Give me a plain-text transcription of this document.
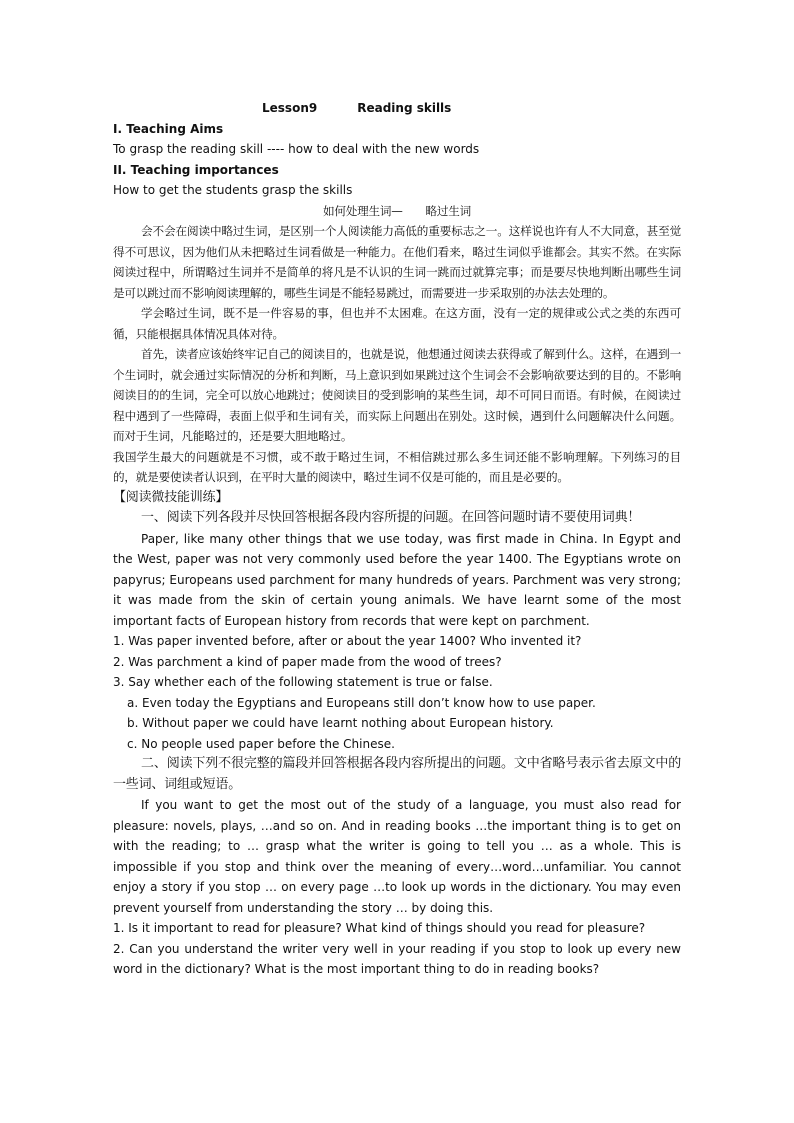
Lesson9	Reading skills

I. Teaching Aims

To grasp the reading skill ---- how to deal with the new words

II. Teaching importances

How to get the students grasp the skills

如何处理生词—　　略过生词

会不会在阅读中略过生词，是区别一个人阅读能力高低的重要标志之一。这样说也许有人不大同意，甚至觉得不可思议，因为他们从未把略过生词看做是一种能力。在他们看来，略过生词似乎谁都会。其实不然。在实际阅读过程中，所谓略过生词并不是简单的将凡是不认识的生词一跳而过就算完事；而是要尽快地判断出哪些生词是可以跳过而不影响阅读理解的，哪些生词是不能轻易跳过，而需要进一步采取别的办法去处理的。

学会略过生词，既不是一件容易的事，但也并不太困难。在这方面，没有一定的规律或公式之类的东西可循，只能根据具体情况具体对待。

首先，读者应该始终牢记自己的阅读目的，也就是说，他想通过阅读去获得或了解到什么。这样，在遇到一个生词时，就会通过实际情况的分析和判断，马上意识到如果跳过这个生词会不会影响欲要达到的目的。不影响阅读目的的生词，完全可以放心地跳过；使阅读目的受到影响的某些生词，却不可同日而语。有时候，在阅读过程中遇到了一些障碍，表面上似乎和生词有关，而实际上问题出在别处。这时候，遇到什么问题解决什么问题。而对于生词，凡能略过的，还是要大胆地略过。

我国学生最大的问题就是不习惯，或不敢于略过生词，不相信跳过那么多生词还能不影响理解。下列练习的目的，就是要使读者认识到，在平时大量的阅读中，略过生词不仅是可能的，而且是必要的。

【阅读微技能训练】

一、阅读下列各段并尽快回答根据各段内容所提的问题。在回答问题时请不要使用词典！

Paper, like many other things that we use today, was first made in China. In Egypt and the West, paper was not very commonly used before the year 1400. The Egyptians wrote on papyrus; Europeans used parchment for many hundreds of years. Parchment was very strong; it was made from the skin of certain young animals. We have learnt some of the most important facts of European history from records that were kept on parchment.

1. Was paper invented before, after or about the year 1400? Who invented it?

2. Was parchment a kind of paper made from the wood of trees?

3. Say whether each of the following statement is true or false.

a. Even today the Egyptians and Europeans still don’t know how to use paper.

b. Without paper we could have learnt nothing about European history.

c. No people used paper before the Chinese.

二、阅读下列不很完整的篇段并回答根据各段内容所提出的问题。文中省略号表示省去原文中的一些词、词组或短语。

If you want to get the most out of the study of a language, you must also read for pleasure: novels, plays, …and so on. And in reading books …the important thing is to get on with the reading; to … grasp what the writer is going to tell you … as a whole. This is impossible if you stop and think over the meaning of every…word…unfamiliar. You cannot enjoy a story if you stop … on every page …to look up words in the dictionary. You may even prevent yourself from understanding the story … by doing this.

1. Is it important to read for pleasure? What kind of things should you read for pleasure?

2. Can you understand the writer very well in your reading if you stop to look up every new word in the dictionary? What is the most important thing to do in reading books?
